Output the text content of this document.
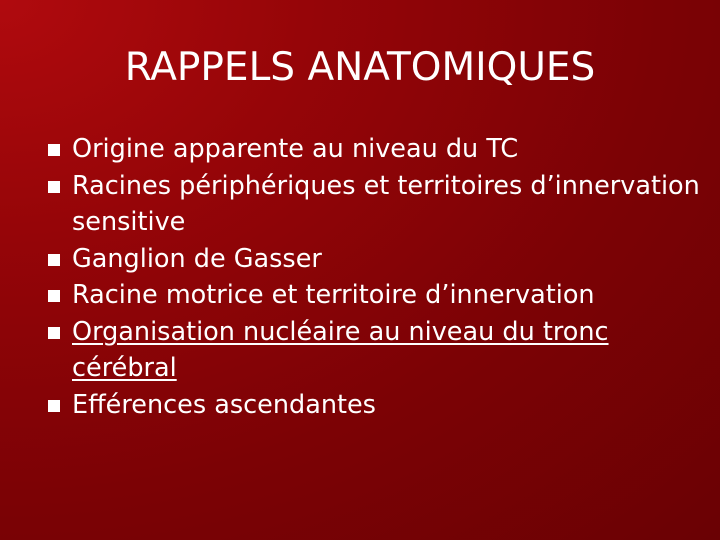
RAPPELS ANATOMIQUES
Origine apparente au niveau du TC
Racines périphériques et territoires d’innervation sensitive
Ganglion de Gasser
Racine motrice et territoire d’innervation
Organisation nucléaire au niveau du tronc cérébral
Efférences ascendantes
